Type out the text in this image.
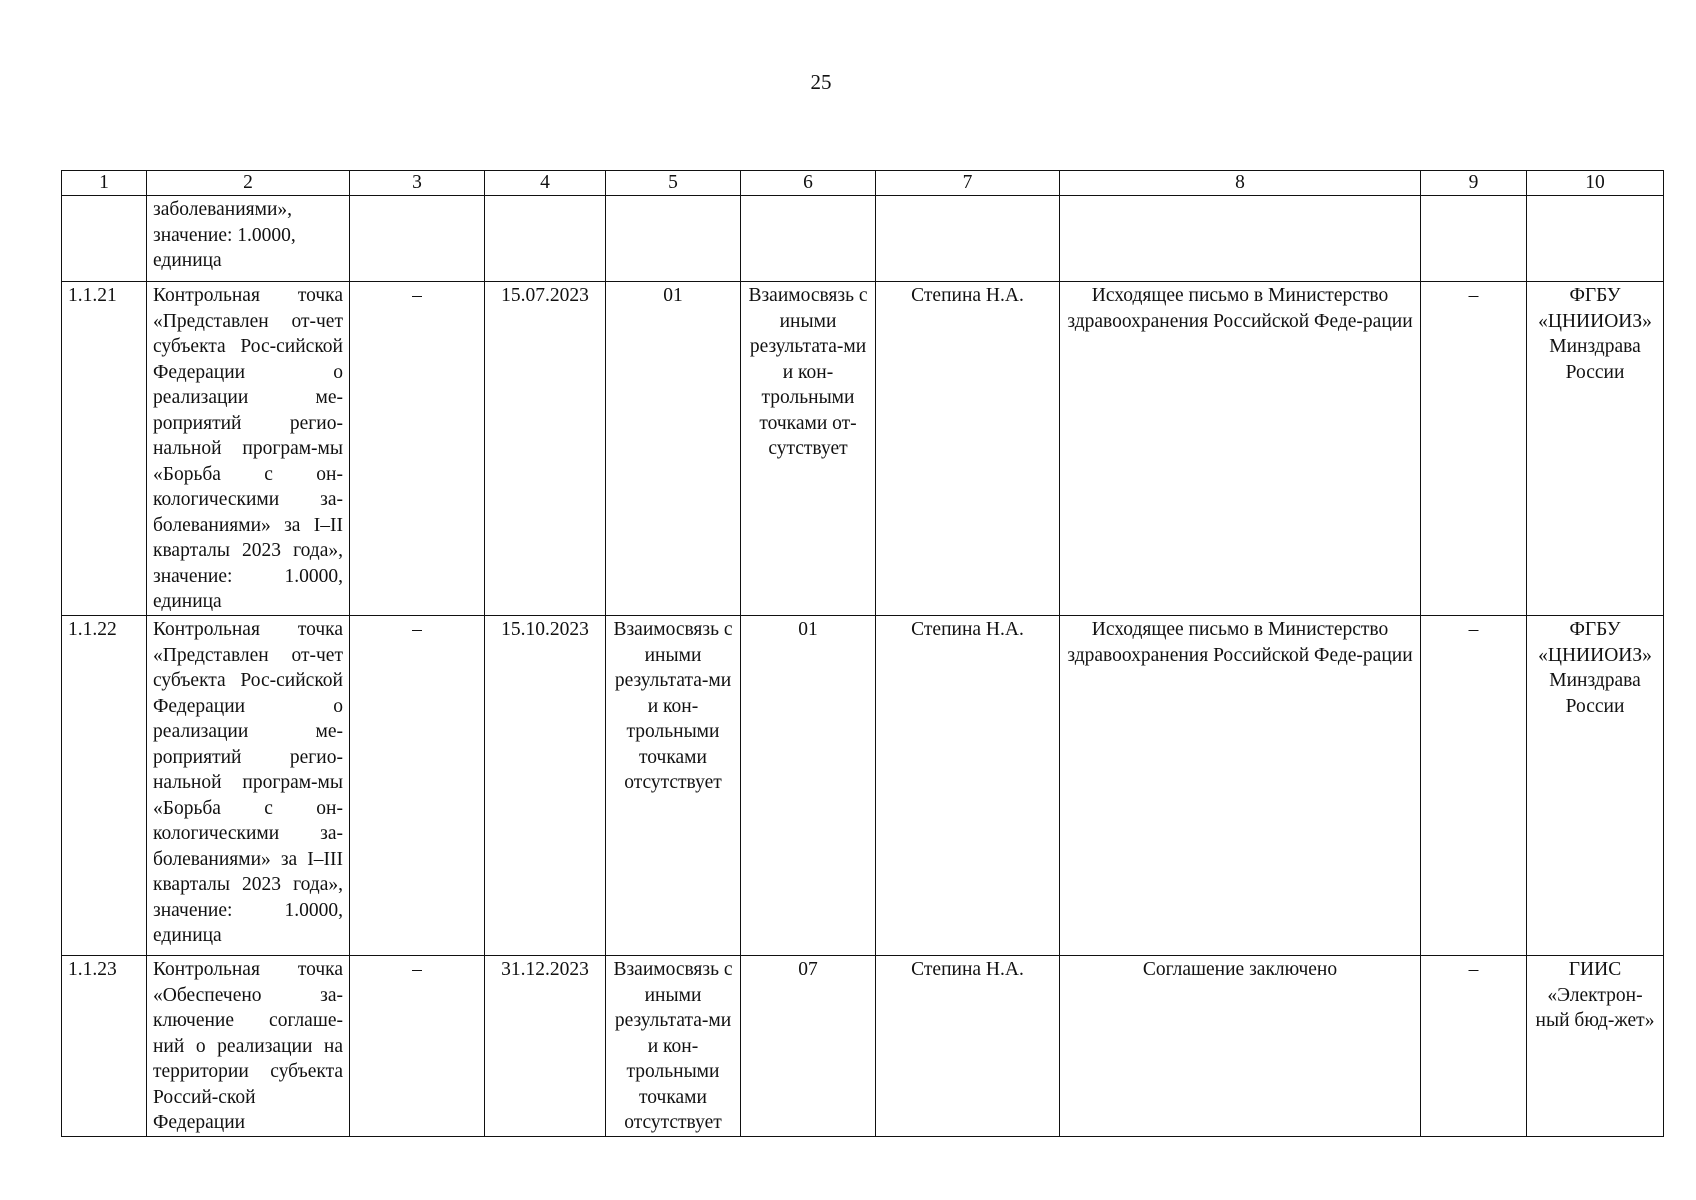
25
1	2	3	4	5	6	7	8	9	10

	заболеваниями»,
значение: 1.0000,
единица								

1.1.21	Контрольная точка «Представлен от-чет субъекта Рос-сийской Федерации о реализации ме-роприятий регио-нальной програм-мы «Борьба с он-кологическими за-болеваниями» за I–II кварталы 2023 года», значение: 1.0000, единица	–	15.07.2023	01	Взаимосвязь с иными результата-ми и кон-трольными точками от-сутствует	Степина Н.А.	Исходящее письмо в Министерство здравоохранения Российской Феде-рации	–	ФГБУ «ЦНИИОИЗ» Минздрава России
1.1.22	Контрольная точка «Представлен от-чет субъекта Рос-сийской Федерации о реализации ме-роприятий регио-нальной програм-мы «Борьба с он-кологическими за-болеваниями» за I–III кварталы 2023 года», значение: 1.0000, единица	–	15.10.2023	Взаимосвязь с иными результата-ми и кон-трольными точками отсутствует	01	Степина Н.А.	Исходящее письмо в Министерство здравоохранения Российской Феде-рации	–	ФГБУ «ЦНИИОИЗ» Минздрава России
1.1.23	Контрольная точка «Обеспечено за-ключение соглаше-ний о реализации на территории субъекта Россий-ской Федерации	–	31.12.2023	Взаимосвязь с иными результата-ми и кон-трольными точками отсутствует	07	Степина Н.А.	Соглашение заключено	–	ГИИС «Электрон-ный бюд-жет»
